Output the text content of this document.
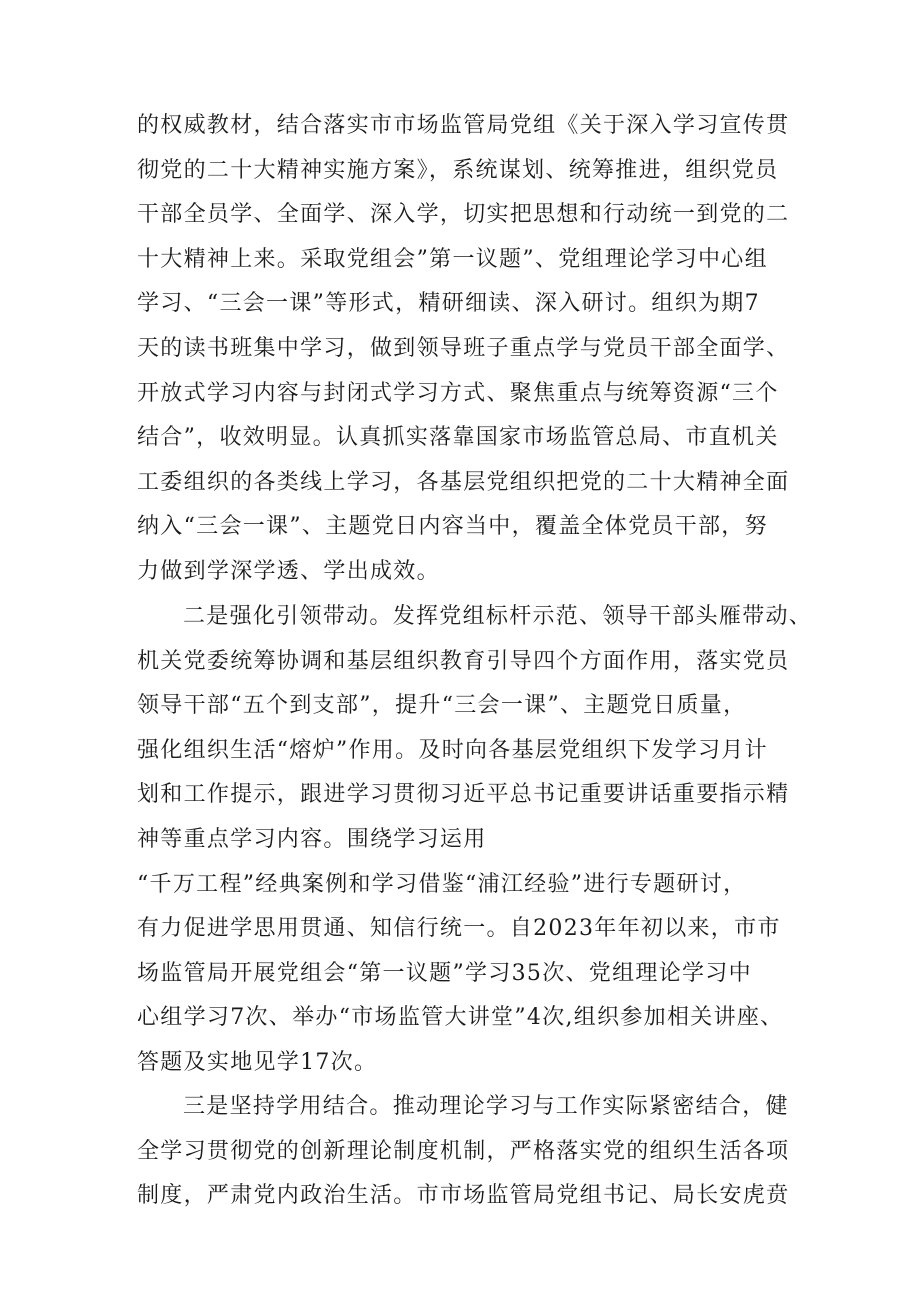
的权威教材，结合落实市市场监管局党组《关于深入学习宣传贯
彻党的二十大精神实施方案》，系统谋划、统筹推进，组织党员
干部全员学、全面学、深入学，切实把思想和行动统一到党的二
十大精神上来。采取党组会”第一议题”、党组理论学习中心组
学习、“三会一课”等形式，精研细读、深入研讨。组织为期7
天的读书班集中学习，做到领导班子重点学与党员干部全面学、
开放式学习内容与封闭式学习方式、聚焦重点与统筹资源“三个
结合”，收效明显。认真抓实落靠国家市场监管总局、市直机关
工委组织的各类线上学习，各基层党组织把党的二十大精神全面
纳入“三会一课”、主题党日内容当中，覆盖全体党员干部，努
力做到学深学透、学出成效。
二是强化引领带动。发挥党组标杆示范、领导干部头雁带动、
机关党委统筹协调和基层组织教育引导四个方面作用，落实党员
领导干部“五个到支部”，提升“三会一课”、主题党日质量，
强化组织生活“熔炉”作用。及时向各基层党组织下发学习月计
划和工作提示，跟进学习贯彻习近平总书记重要讲话重要指示精
神等重点学习内容。围绕学习运用
“千万工程”经典案例和学习借鉴“浦江经验”进行专题研讨，
有力促进学思用贯通、知信行统一。自2023年年初以来，市市
场监管局开展党组会“第一议题”学习35次、党组理论学习中
心组学习7次、举办“市场监管大讲堂”4次,组织参加相关讲座、
答题及实地见学17次。
三是坚持学用结合。推动理论学习与工作实际紧密结合，健
全学习贯彻党的创新理论制度机制，严格落实党的组织生活各项
制度，严肃党内政治生活。市市场监管局党组书记、局长安虎贲
